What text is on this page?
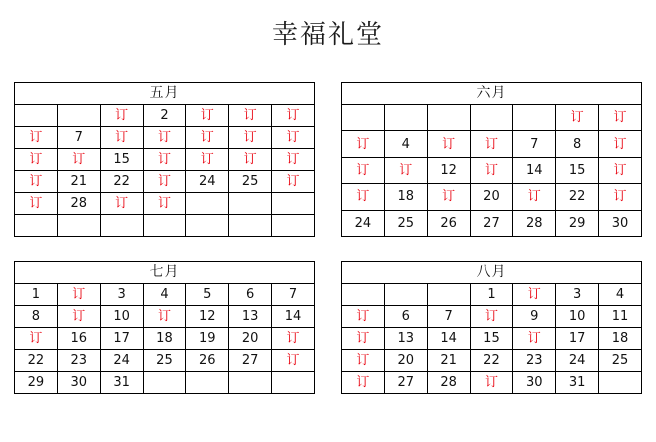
幸福礼堂
五月						
		订	2	订	订	订
订	7	订	订	订	订	订
订	订	15	订	订	订	订
订	21	22	订	24	25	订
订	28	订	订			

六月						
					订	订
订	4	订	订	7	8	订
订	订	12	订	14	15	订
订	18	订	20	订	22	订
24	25	26	27	28	29	30
七月						
1	订	3	4	5	6	7
8	订	10	订	12	13	14
订	16	17	18	19	20	订
22	23	24	25	26	27	订
29	30	31				
八月						
			1	订	3	4
订	6	7	订	9	10	11
订	13	14	15	订	17	18
订	20	21	22	23	24	25
订	27	28	订	30	31	
